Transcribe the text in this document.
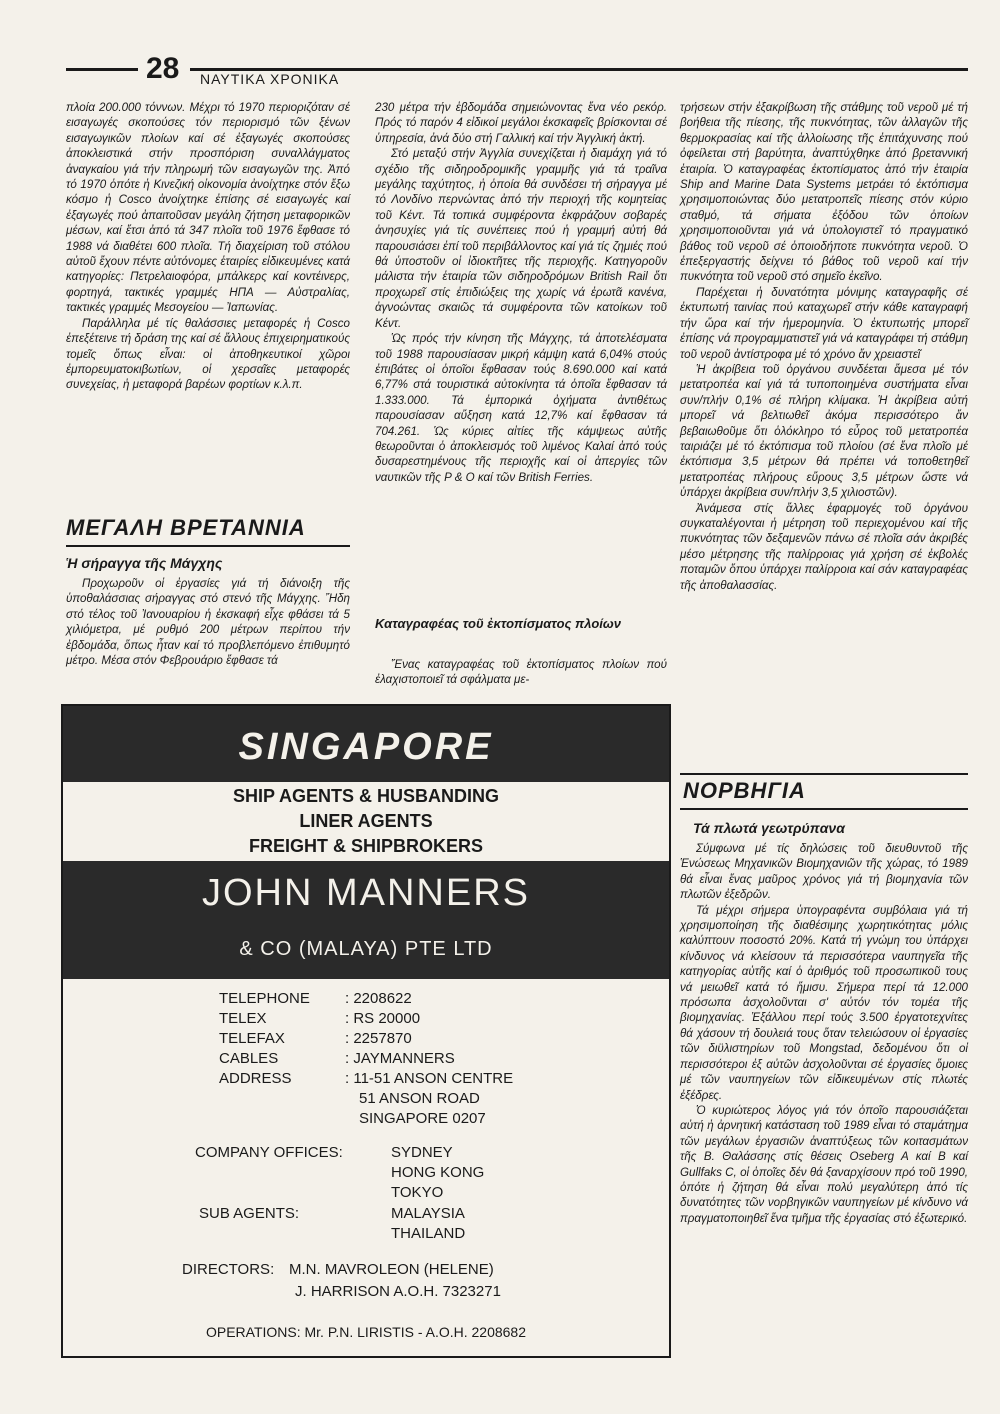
28 ΝΑΥΤΙΚΑ ΧΡΟΝΙΚΑ

πλοία 200.000 τόννων. Μέχρι τό 1970 περιοριζόταν σέ εισαγωγές σκοπούσες τόν περιορισμό τῶν ξένων εισαγωγικῶν πλοίων καί σέ ἐξαγωγές σκοπούσες ἀποκλειστικά στήν προσπόριση συναλλάγματος ἀναγκαίου γιά τήν πληρωμή τῶν εισαγωγῶν της. Ἀπό τό 1970 ὁπότε ἡ Κινεζική οἰκονομία ἀνοίχτηκε στόν ἔξω κόσμο ἡ Cosco ἀνοίχτηκε ἐπίσης σέ εισαγωγές καί ἐξαγωγές πού ἀπαιτοῦσαν μεγάλη ζήτηση μεταφορικῶν μέσων, καί ἔτσι ἀπό τά 347 πλοῖα τοῦ 1976 ἔφθασε τό 1988 νά διαθέτει 600 πλοῖα. Τή διαχείριση τοῦ στόλου αὐτοῦ ἔχουν πέντε αὐτόνομες ἑταιρίες εἰδικευμένες κατά κατηγορίες: Πετρελαιοφόρα, μπάλκερς καί κοντέινερς, φορτηγά, τακτικές γραμμές ΗΠΑ — Αὐστραλίας, τακτικές γραμμές Μεσογείου — Ἰαπωνίας.

Παράλληλα μέ τίς θαλάσσιες μεταφορές ἡ Cosco ἐπεξέτεινε τή δράση της καί σέ ἄλλους ἐπιχειρηματικούς τομεῖς ὅπως εἶναι: οἱ ἀποθηκευτικοί χῶροι ἐμπορευματοκιβωτίων, οἱ χερσαῖες μεταφορές συνεχείας, ἡ μεταφορά βαρέων φορτίων κ.λ.π.

ΜΕΓΑΛΗ ΒΡΕΤΑΝΝΙΑ
Ἡ σήραγγα τῆς Μάγχης

Προχωροῦν οἱ ἐργασίες γιά τή διάνοιξη τῆς ὑποθαλάσσιας σήραγγας στό στενό τῆς Μάγχης. Ἤδη στό τέλος τοῦ Ἰανουαρίου ἡ ἐκσκαφή εἶχε φθάσει τά 5 χιλιόμετρα, μέ ρυθμό 200 μέτρων περίπου τήν ἑβδομάδα, ὅπως ἦταν καί τό προβλεπόμενο ἐπιθυμητό μέτρο. Μέσα στόν Φεβρουάριο ἔφθασε τά

230 μέτρα τήν ἑβδομάδα σημειώνοντας ἕνα νέο ρεκόρ. Πρός τό παρόν 4 εἰδικοί μεγάλοι ἐκσκαφεῖς βρίσκονται σέ ὑπηρεσία, ἀνά δύο στή Γαλλική καί τήν Ἀγγλική ἀκτή.

Στό μεταξύ στήν Ἀγγλία συνεχίζεται ἡ διαμάχη γιά τό σχέδιο τῆς σιδηροδρομικῆς γραμμῆς γιά τά τραῖνα μεγάλης ταχύτητος, ἡ ὁποία θά συνδέσει τή σήραγγα μέ τό Λονδίνο περνώντας ἀπό τήν περιοχή τῆς κομητείας τοῦ Κέντ. Τά τοπικά συμφέροντα ἐκφράζουν σοβαρές ἀνησυχίες γιά τίς συνέπειες πού ἡ γραμμή αὐτή θά παρουσιάσει ἐπί τοῦ περιβάλλοντος καί γιά τίς ζημιές πού θά ὑποστοῦν οἱ ἰδιοκτῆτες τῆς περιοχῆς. Κατηγοροῦν μάλιστα τήν ἑταιρία τῶν σιδηροδρόμων British Rail ὅτι προχωρεῖ στίς ἐπιδιώξεις της χωρίς νά ἐρωτᾶ κανένα, ἀγνοώντας σκαιῶς τά συμφέροντα τῶν κατοίκων τοῦ Κέντ.

Ὡς πρός τήν κίνηση τῆς Μάγχης, τά ἀποτελέσματα τοῦ 1988 παρουσίασαν μικρή κάμψη κατά 6,04% στούς ἐπιβάτες οἱ ὁποῖοι ἔφθασαν τούς 8.690.000 καί κατά 6,77% στά τουριστικά αὐτοκίνητα τά ὁποῖα ἔφθασαν τά 1.333.000. Τά ἐμπορικά ὀχήματα ἀντιθέτως παρουσίασαν αὔξηση κατά 12,7% καί ἔφθασαν τά 704.261. Ὡς κύριες αἰτίες τῆς κάμψεως αὐτῆς θεωροῦνται ὁ ἀποκλεισμός τοῦ λιμένος Καλαί ἀπό τούς δυσαρεστημένους τῆς περιοχῆς καί οἱ ἀπεργίες τῶν ναυτικῶν τῆς P & O καί τῶν British Ferries.

Καταγραφέας τοῦ ἐκτοπίσματος πλοίων

Ἕνας καταγραφέας τοῦ ἐκτοπίσματος πλοίων πού ἐλαχιστοποιεῖ τά σφάλματα με-

τρήσεων στήν ἐξακρίβωση τῆς στάθμης τοῦ νεροῦ μέ τή βοήθεια τῆς πίεσης, τῆς πυκνότητας, τῶν ἀλλαγῶν τῆς θερμοκρασίας καί τῆς ἀλλοίωσης τῆς ἐπιτάχυνσης πού ὀφείλεται στή βαρύτητα, ἀναπτύχθηκε ἀπό βρεταννική ἑταιρία. Ὁ καταγραφέας ἐκτοπίσματος ἀπό τήν ἑταιρία Ship and Marine Data Systems μετράει τό ἐκτόπισμα χρησιμοποιώντας δύο μετατροπεῖς πίεσης στόν κύριο σταθμό, τά σήματα ἐξόδου τῶν ὁποίων χρησιμοποιοῦνται γιά νά ὑπολογιστεῖ τό πραγματικό βάθος τοῦ νεροῦ σέ ὁποιοδήποτε πυκνότητα νεροῦ. Ὁ ἐπεξεργαστής δείχνει τό βάθος τοῦ νεροῦ καί τήν πυκνότητα τοῦ νεροῦ στό σημεῖο ἐκεῖνο.

Παρέχεται ἡ δυνατότητα μόνιμης καταγραφῆς σέ ἐκτυπωτή ταινίας πού καταχωρεῖ στήν κάθε καταγραφή τήν ὥρα καί τήν ἡμερομηνία. Ὁ ἐκτυπωτής μπορεῖ ἐπίσης νά προγραμματιστεῖ γιά νά καταγράφει τή στάθμη τοῦ νεροῦ ἀντίστροφα μέ τό χρόνο ἄν χρειαστεῖ

Ἡ ἀκρίβεια τοῦ ὀργάνου συνδέεται ἄμεσα μέ τόν μετατροπέα καί γιά τά τυποποιημένα συστήματα εἶναι συν/πλήν 0,1% σέ πλήρη κλίμακα. Ἡ ἀκρίβεια αὐτή μπορεῖ νά βελτιωθεῖ ἀκόμα περισσότερο ἄν βεβαιωθοῦμε ὅτι ὁλόκληρο τό εὖρος τοῦ μετατροπέα ταιριάζει μέ τό ἐκτόπισμα τοῦ πλοίου (σέ ἕνα πλοῖο μέ ἐκτόπισμα 3,5 μέτρων θά πρέπει νά τοποθετηθεῖ μετατροπέας πλήρους εὔρους 3,5 μέτρων ὥστε νά ὑπάρχει ἀκρίβεια συν/πλήν 3,5 χιλιοστῶν).

Ἀνάμεσα στίς ἄλλες ἐφαρμογές τοῦ ὀργάνου συγκαταλέγονται ἡ μέτρηση τοῦ περιεχομένου καί τῆς πυκνότητας τῶν δεξαμενῶν πάνω σέ πλοῖα σάν ἀκριβές μέσο μέτρησης τῆς παλίρροιας γιά χρήση σέ ἐκβολές ποταμῶν ὅπου ὑπάρχει παλίρροια καί σάν καταγραφέας τῆς ἀποθαλασσίας.

ΝΟΡΒΗΓΙΑ
Τά πλωτά γεωτρύπανα

Σύμφωνα μέ τίς δηλώσεις τοῦ διευθυντοῦ τῆς Ἑνώσεως Μηχανικῶν Βιομηχανιῶν τῆς χώρας, τό 1989 θά εἶναι ἕνας μαῦρος χρόνος γιά τή βιομηχανία τῶν πλωτῶν ἐξεδρῶν.

Τά μέχρι σήμερα ὑπογραφέντα συμβόλαια γιά τή χρησιμοποίηση τῆς διαθέσιμης χωρητικότητας μόλις καλύπτουν ποσοστό 20%. Κατά τή γνώμη του ὑπάρχει κίνδυνος νά κλείσουν τά περισσότερα ναυπηγεῖα τῆς κατηγορίας αὐτῆς καί ὁ ἀριθμός τοῦ προσωπικοῦ τους νά μειωθεῖ κατά τό ἥμισυ. Σήμερα περί τά 12.000 πρόσωπα ἀσχολοῦνται σ' αὐτόν τόν τομέα τῆς βιομηχανίας. Ἐξάλλου περί τούς 3.500 ἐργατοτεχνίτες θά χάσουν τή δουλειά τους ὅταν τελειώσουν οἱ ἐργασίες τῶν διϋλιστηρίων τοῦ Mongstad, δεδομένου ὅτι οἱ περισσότεροι ἐξ αὐτῶν ἀσχολοῦνται σέ ἐργασίες ὅμοιες μέ τῶν ναυπηγείων τῶν εἰδικευμένων στίς πλωτές ἐξέδρες.

Ὁ κυριώτερος λόγος γιά τόν ὁποῖο παρουσιάζεται αὐτή ἡ ἀρνητική κατάσταση τοῦ 1989 εἶναι τό σταμάτημα τῶν μεγάλων ἐργασιῶν ἀναπτύξεως τῶν κοιτασμάτων τῆς Β. Θαλάσσης στίς θέσεις Oseberg A καί B καί Gullfaks C, οἱ ὁποῖες δέν θά ξαναρχίσουν πρό τοῦ 1990, ὁπότε ἡ ζήτηση θά εἶναι πολύ μεγαλύτερη ἀπό τίς δυνατότητες τῶν νορβηγικῶν ναυπηγείων μέ κίνδυνο νά πραγματοποιηθεῖ ἕνα τμῆμα τῆς ἐργασίας στό ἐξωτερικό.

SINGAPORE
SHIP AGENTS & HUSBANDING
LINER AGENTS
FREIGHT & SHIPBROKERS
JOHN MANNERS
& CO (MALAYA) PTE LTD
TELEPHONE : 2208622
TELEX	: RS 20000
TELEFAX	: 2257870
CABLES	: JAYMANNERS
ADDRESS	: 11-51 ANSON CENTRE
51 ANSON ROAD
SINGAPORE 0207
COMPANY OFFICES:	SYDNEY
HONG KONG
TOKYO
SUB AGENTS:	MALAYSIA
THAILAND
DIRECTORS: M.N. MAVROLEON (HELENE)
J. HARRISON A.O.H. 7323271
OPERATIONS: Mr. P.N. LIRISTIS - A.O.H. 2208682
